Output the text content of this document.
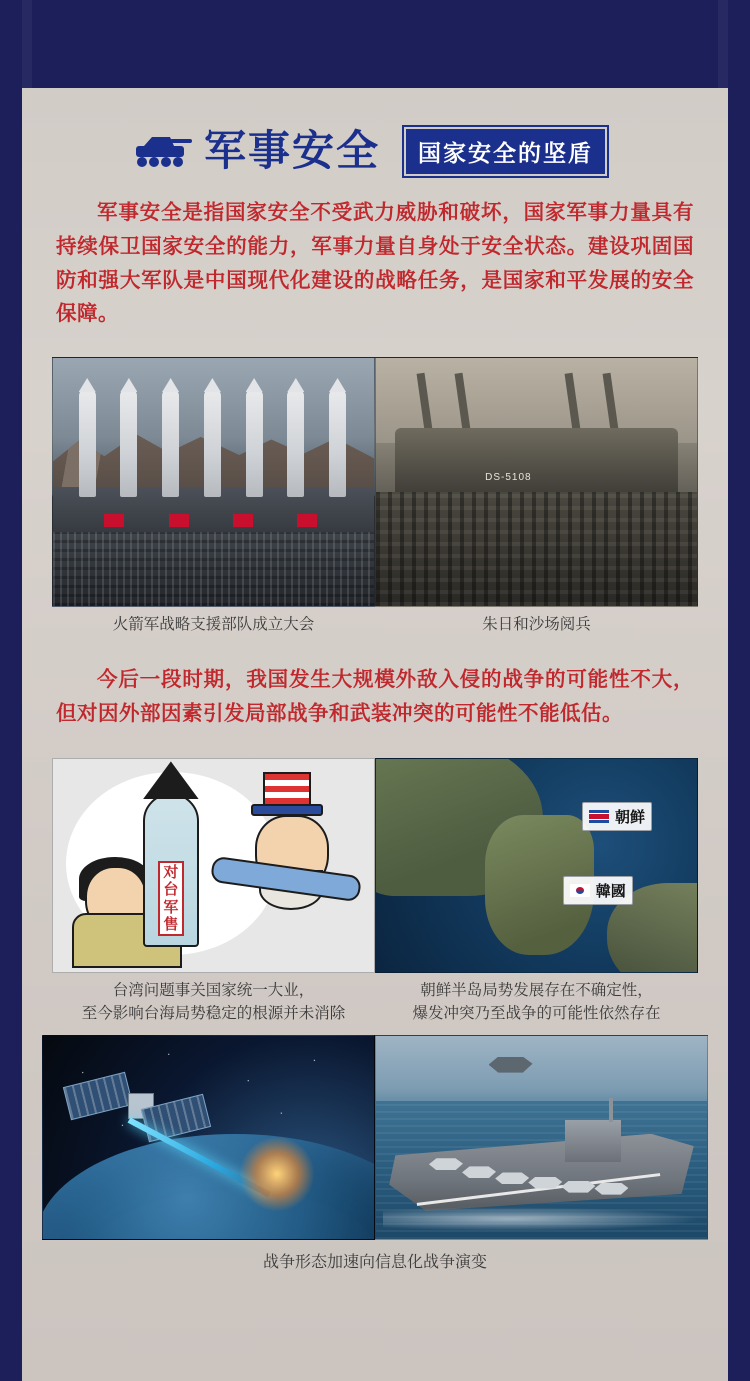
军事安全	国家安全的坚盾
军事安全是指国家安全不受武力威胁和破坏，国家军事力量具有持续保卫国家安全的能力，军事力量自身处于安全状态。建设巩固国防和强大军队是中国现代化建设的战略任务，是国家和平发展的安全保障。
火箭军战略支援部队成立大会
DS-5108
朱日和沙场阅兵
今后一段时期，我国发生大规模外敌入侵的战争的可能性不大，但对因外部因素引发局部战争和武装冲突的可能性不能低估。
对台
军售
台湾问题事关国家统一大业，
至今影响台海局势稳定的根源并未消除
朝鲜
韓國
朝鲜半岛局势发展存在不确定性，
爆发冲突乃至战争的可能性依然存在
战争形态加速向信息化战争演变
